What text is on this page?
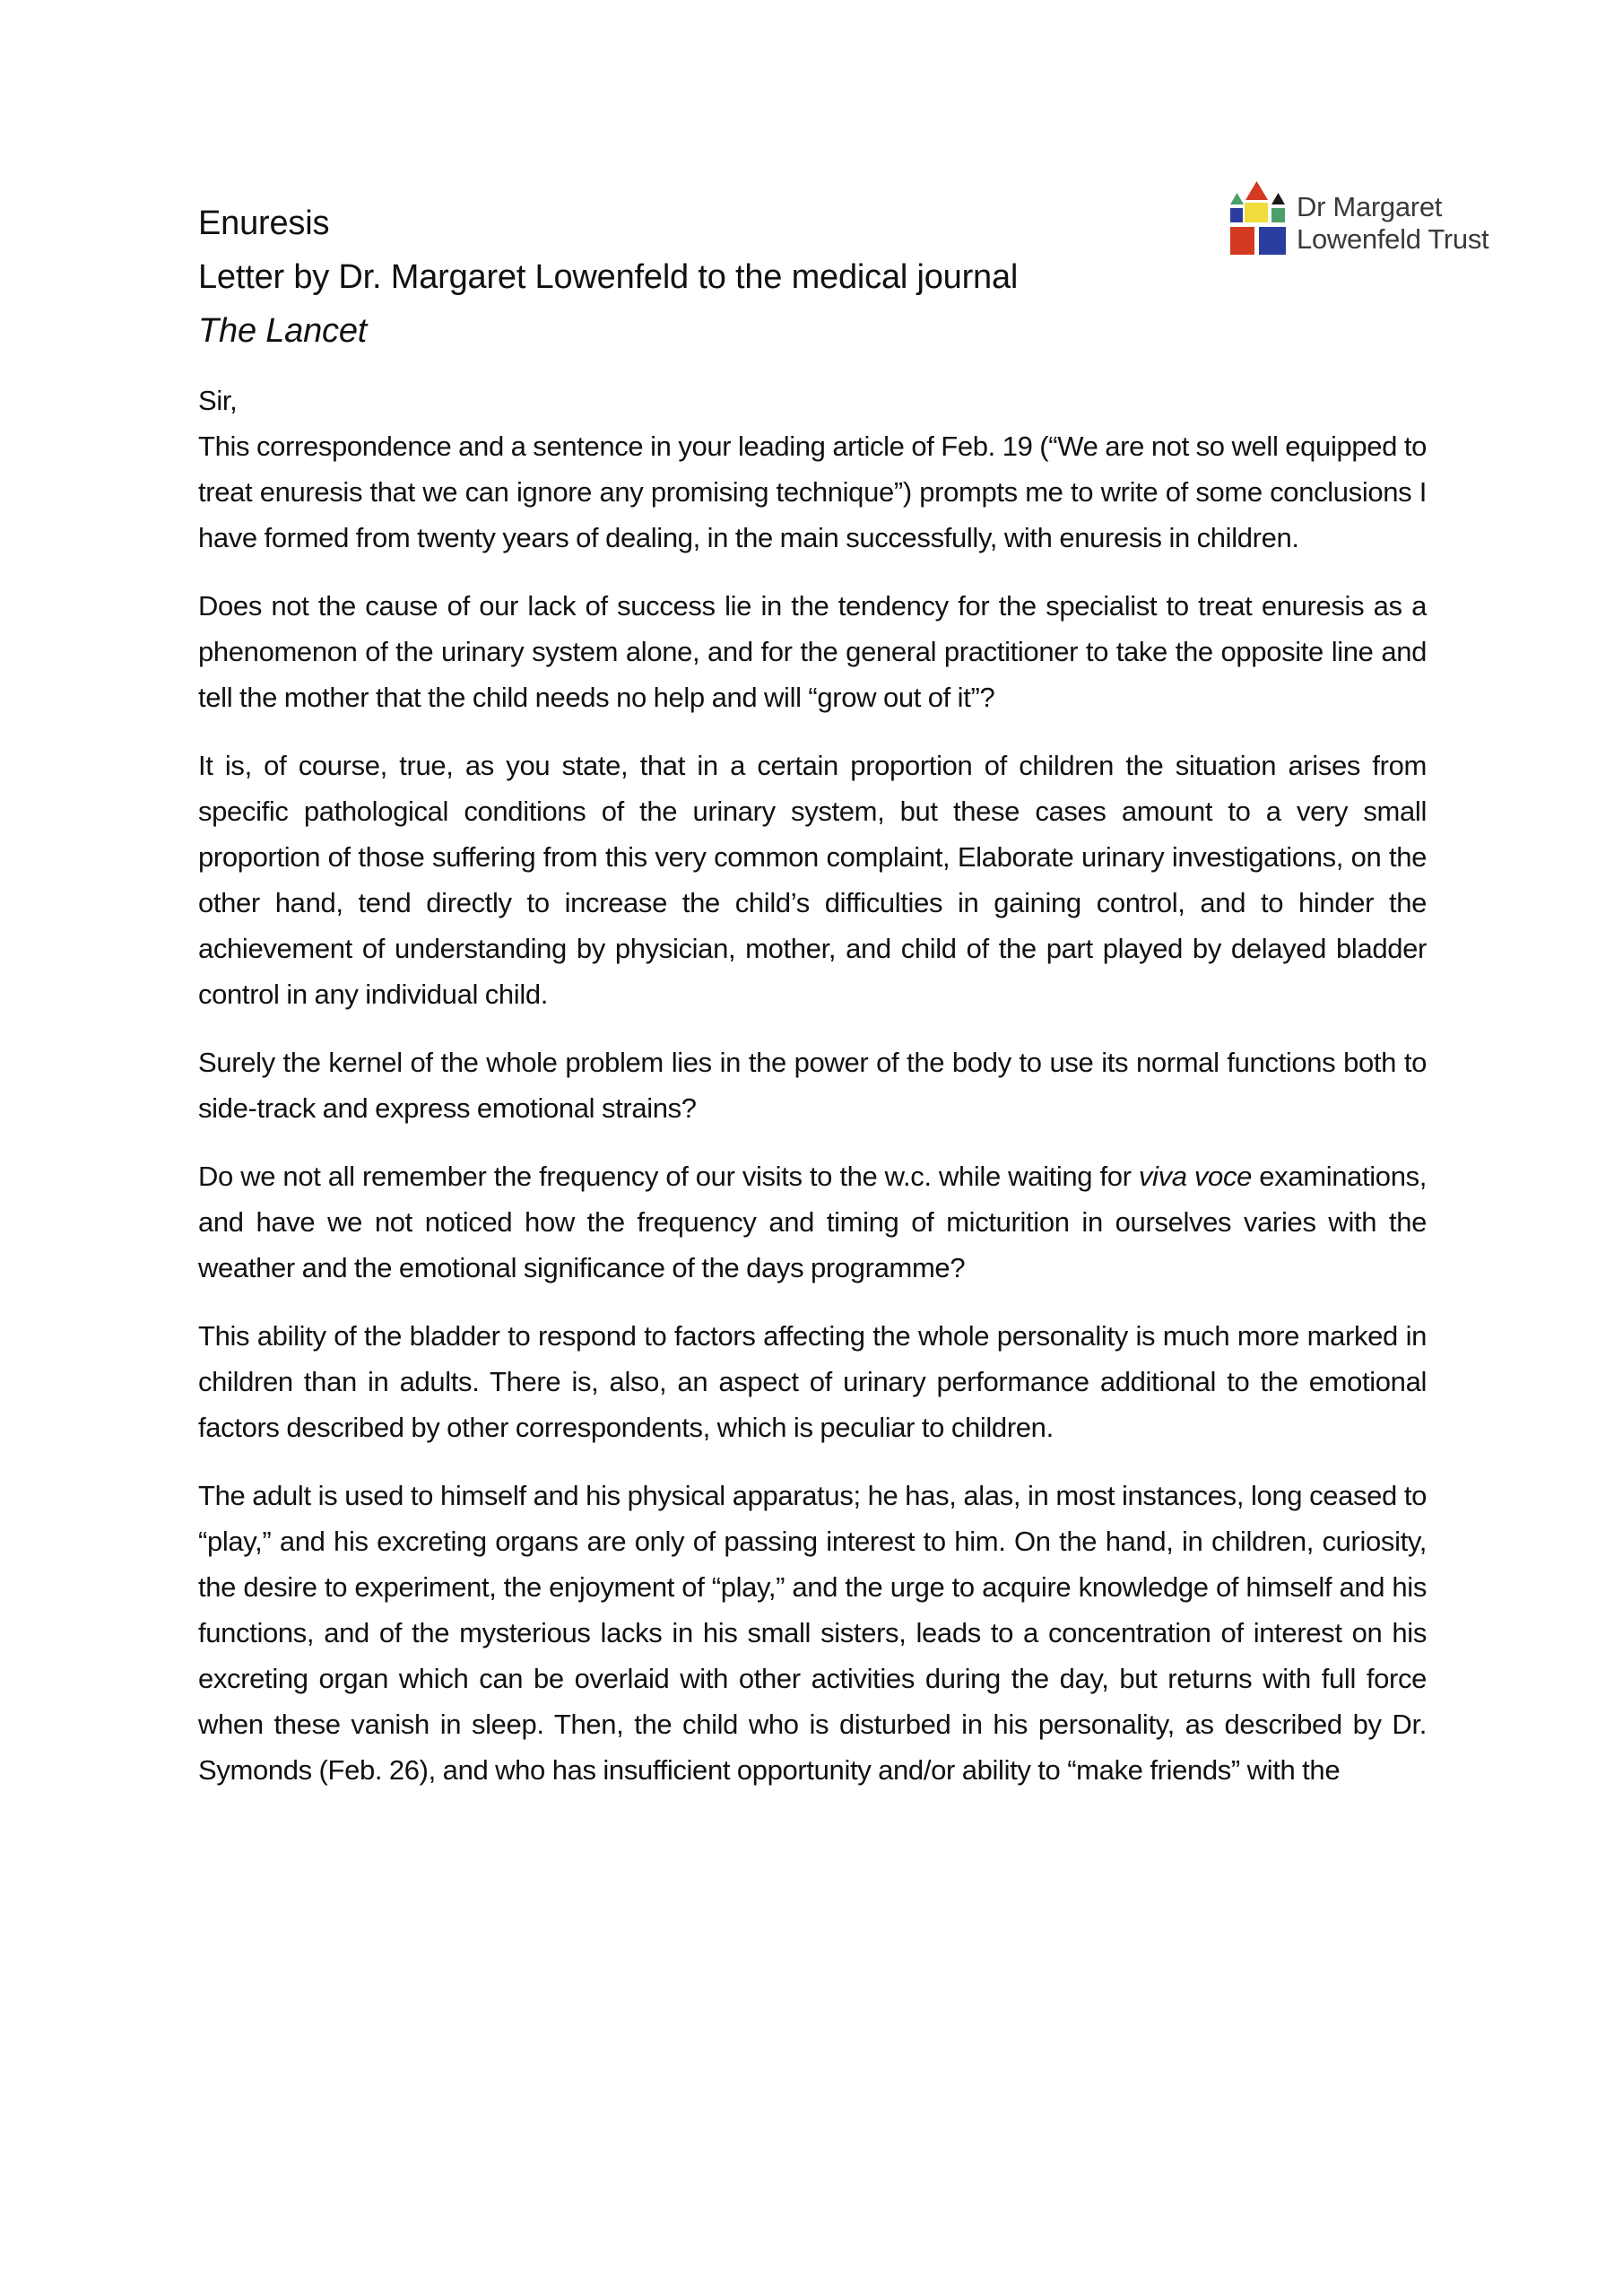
Enuresis
Letter by Dr. Margaret Lowenfeld to the medical journal
The Lancet
Dr Margaret
Lowenfeld Trust

Sir,
This correspondence and a sentence in your leading article of Feb. 19 (“We are not so well equipped to treat enuresis that we can ignore any promising technique”) prompts me to write of some conclusions I have formed from twenty years of dealing, in the main successfully, with enuresis in children.

Does not the cause of our lack of success lie in the tendency for the specialist to treat enuresis as a phenomenon of the urinary system alone, and for the general practitioner to take the opposite line and tell the mother that the child needs no help and will “grow out of it”?

It is, of course, true, as you state, that in a certain proportion of children the situation arises from specific pathological conditions of the urinary system, but these cases amount to a very small proportion of those suffering from this very common complaint, Elaborate urinary investigations, on the other hand, tend directly to increase the child’s difficulties in gaining control, and to hinder the achievement of understanding by physician, mother, and child of the part played by delayed bladder control in any individual child.

Surely the kernel of the whole problem lies in the power of the body to use its normal functions both to side-track and express emotional strains?

Do we not all remember the frequency of our visits to the w.c. while waiting for viva voce examinations, and have we not noticed how the frequency and timing of micturition in ourselves varies with the weather and the emotional significance of the days programme?

This ability of the bladder to respond to factors affecting the whole personality is much more marked in children than in adults. There is, also, an aspect of urinary performance additional to the emotional factors described by other correspondents, which is peculiar to children.

The adult is used to himself and his physical apparatus; he has, alas, in most instances, long ceased to “play,” and his excreting organs are only of passing interest to him. On the hand, in children, curiosity, the desire to experiment, the enjoyment of “play,” and the urge to acquire knowledge of himself and his functions, and of the mysterious lacks in his small sisters, leads to a concentration of interest on his excreting organ which can be overlaid with other activities during the day, but returns with full force when these vanish in sleep. Then, the child who is disturbed in his personality, as described by Dr. Symonds (Feb. 26), and who has insufficient opportunity and/or ability to “make friends” with the
